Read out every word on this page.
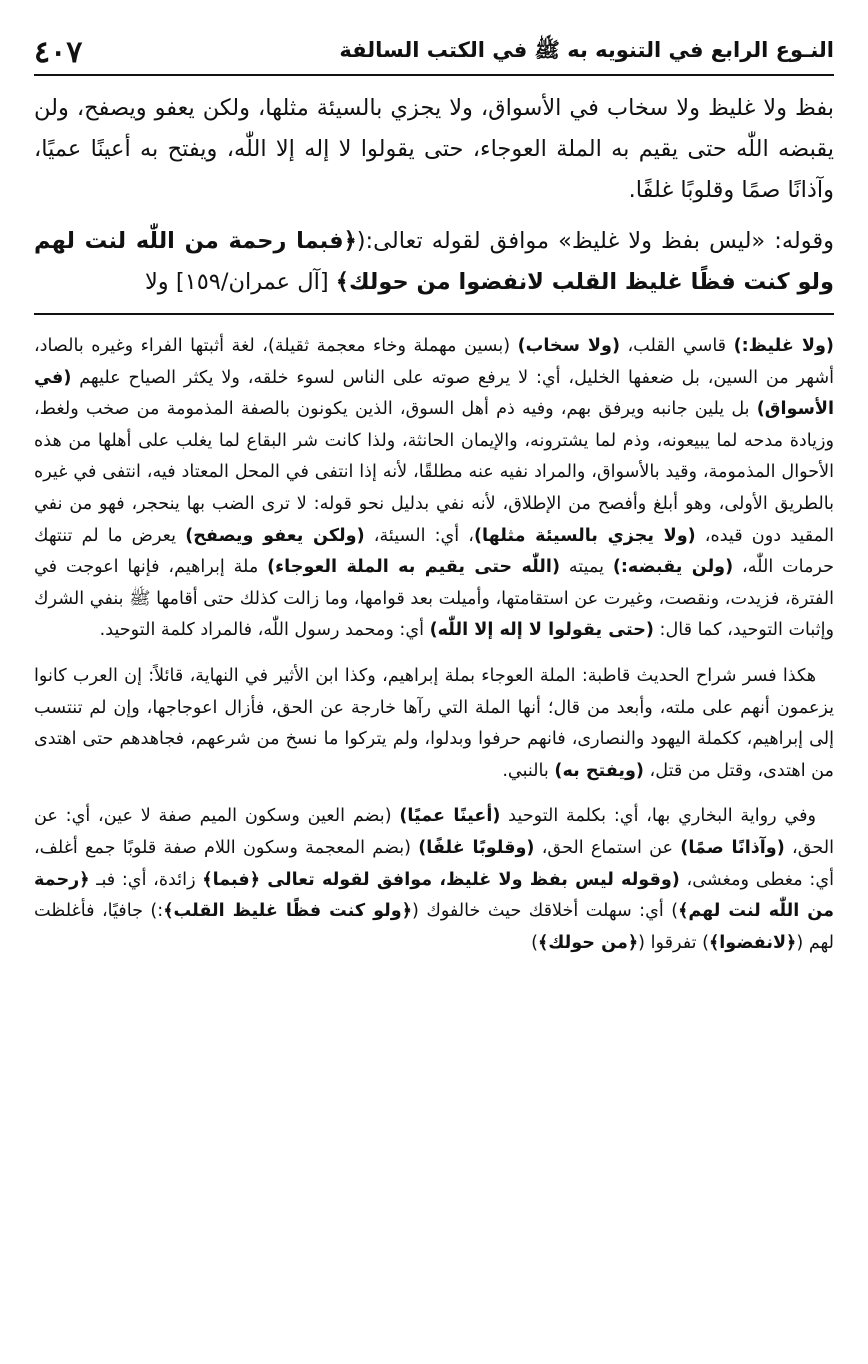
النـوع الرابع في التنويه به ﷺ في الكتب السالفة
٤٠٧

بفظ ولا غليظ ولا سخاب في الأسواق، ولا يجزي بالسيئة مثلها، ولكن يعفو ويصفح، ولن يقبضه اللّٰه حتى يقيم به الملة العوجاء، حتى يقولوا لا إله إلا اللّٰه، ويفتح به أعينًا عميًا، وآذانًا صمًا وقلوبًا غلفًا.

وقوله: «ليس بفظ ولا غليظ» موافق لقوله تعالى:(﴿فبما رحمة من اللّٰه لنت لهم ولو كنت فظًا غليظ القلب لانفضوا من حولك﴾ [آل عمران/١٥٩] ولا

(ولا غليظ:) قاسي القلب، (ولا سخاب) (بسين مهملة وخاء معجمة ثقيلة)، لغة أثبتها الفراء وغيره بالصاد، أشهر من السين، بل ضعفها الخليل، أي: لا يرفع صوته على الناس لسوء خلقه، ولا يكثر الصياح عليهم (في الأسواق) بل يلين جانبه ويرفق بهم، وفيه ذم أهل السوق، الذين يكونون بالصفة المذمومة من صخب ولغط، وزيادة مدحه لما يبيعونه، وذم لما يشترونه، والإيمان الحانثة، ولذا كانت شر البقاع لما يغلب على أهلها من هذه الأحوال المذمومة، وقيد بالأسواق، والمراد نفيه عنه مطلقًا، لأنه إذا انتفى في المحل المعتاد فيه، انتفى في غيره بالطريق الأولى، وهو أبلغ وأفصح من الإطلاق، لأنه نفي بدليل نحو قوله: لا ترى الضب بها ينحجر، فهو من نفي المقيد دون قيده، (ولا يجزي بالسيئة مثلها)، أي: السيئة، (ولكن يعفو ويصفح) يعرض ما لم تنتهك حرمات اللّٰه، (ولن يقبضه:) يميته (اللّٰه حتى يقيم به الملة العوجاء) ملة إبراهيم، فإنها اعوجت في الفترة، فزيدت، ونقصت، وغيرت عن استقامتها، وأميلت بعد قوامها، وما زالت كذلك حتى أقامها ﷺ بنفي الشرك وإثبات التوحيد، كما قال: (حتى يقولوا لا إله إلا اللّٰه) أي: ومحمد رسول اللّٰه، فالمراد كلمة التوحيد.

هكذا فسر شراح الحديث قاطبة: الملة العوجاء بملة إبراهيم، وكذا ابن الأثير في النهاية، قائلاً: إن العرب كانوا يزعمون أنهم على ملته، وأبعد من قال؛ أنها الملة التي رآها خارجة عن الحق، فأزال اعوجاجها، وإن لم تنتسب إلى إبراهيم، ككملة اليهود والنصارى، فانهم حرفوا وبدلوا، ولم يتركوا ما نسخ من شرعهم، فجاهدهم حتى اهتدى من اهتدى، وقتل من قتل، (ويفتح به) بالنبي.

وفي رواية البخاري بها، أي: بكلمة التوحيد (أعينًا عميًا) (بضم العين وسكون الميم صفة لا عين، أي: عن الحق، (وآذانًا صمًا) عن استماع الحق، (وقلوبًا غلفًا) (بضم المعجمة وسكون اللام صفة قلوبًا جمع أغلف، أي: مغطى ومغشى، (وقوله ليس بفظ ولا غليظ، موافق لقوله تعالى ﴿فبما﴾ زائدة، أي: فبـ ﴿رحمة من اللّٰه لنت لهم﴾) أي: سهلت أخلاقك حيث خالفوك (﴿ولو كنت فظًا غليظ القلب﴾:) جافيًا، فأغلظت لهم (﴿لانفضوا﴾) تفرقوا (﴿من حولك﴾)
